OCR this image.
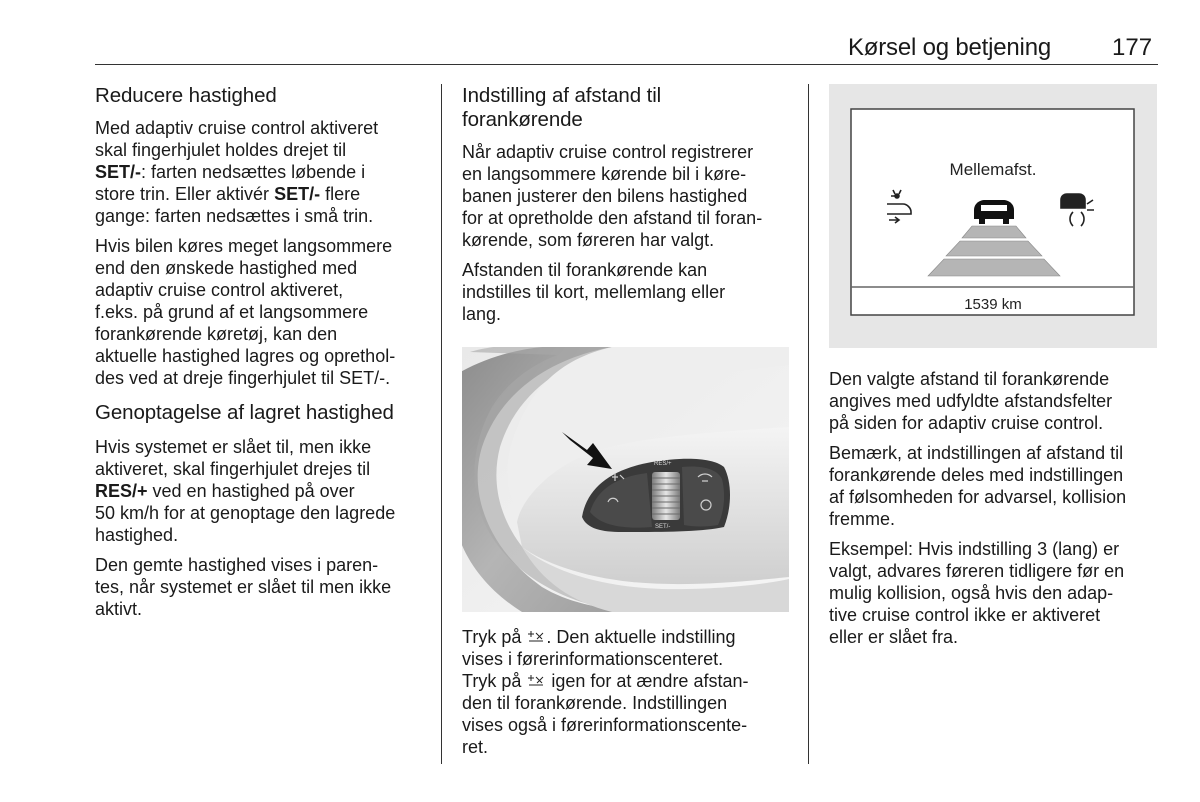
Kørsel og betjening	177
Reducere hastighed

Med adaptiv cruise control aktiveret
skal fingerhjulet holdes drejet til
SET/-: farten nedsættes løbende i
store trin. Eller aktivér SET/- flere
gange: farten nedsættes i små trin.

Hvis bilen køres meget langsommere
end den ønskede hastighed med
adaptiv cruise control aktiveret,
f.eks. på grund af et langsommere
forankørende køretøj, kan den
aktuelle hastighed lagres og oprethol-
des ved at dreje fingerhjulet til SET/-.

Genoptagelse af lagret hastighed

Hvis systemet er slået til, men ikke
aktiveret, skal fingerhjulet drejes til
RES/+ ved en hastighed på over
50 km/h for at genoptage den lagrede
hastighed.

Den gemte hastighed vises i paren-
tes, når systemet er slået til men ikke
aktivt.

Indstilling af afstand til
forankørende

Når adaptiv cruise control registrerer
en langsommere kørende bil i køre-
banen justerer den bilens hastighed
for at opretholde den afstand til foran-
kørende, som føreren har valgt.

Afstanden til forankørende kan
indstilles til kort, mellemlang eller
lang.

RES/+
SET/-

Tryk på . Den aktuelle indstilling
vises i førerinformationscenteret.
Tryk på  igen for at ændre afstan-
den til forankørende. Indstillingen
vises også i førerinformationscente-
ret.

Mellemafst.
1539 km

Den valgte afstand til forankørende
angives med udfyldte afstandsfelter
på siden for adaptiv cruise control.

Bemærk, at indstillingen af afstand til
forankørende deles med indstillingen
af følsomheden for advarsel, kollision
fremme.

Eksempel: Hvis indstilling 3 (lang) er
valgt, advares føreren tidligere før en
mulig kollision, også hvis den adap-
tive cruise control ikke er aktiveret
eller er slået fra.
